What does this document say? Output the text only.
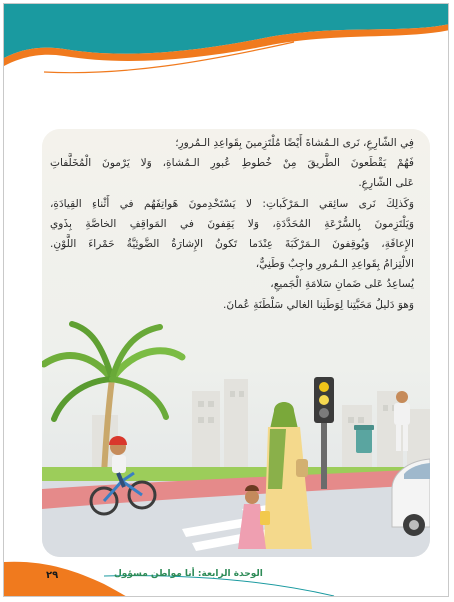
فِي الشّارِعِ، نَرى الـمُشاةَ أَيْضًا مُلْتَزِمينَ بِقَواعِدِ الـمُرورِ؛
فَهُمْ يَقْطَعونَ الطَّريقَ مِنْ خُطوطِ عُبورِ الـمُشاةِ، وَلا يَرْمونَ الْمُخَلَّفاتِ
عَلى الشّارِعِ.
وَكَذلِكَ نَرى سائِقي الـمَرْكَباتِ: لا يَسْتَخْدِمونَ هَواتِفَهُم في أَثْناءِ القِيادَةِ،
وَيَلْتَزِمونَ بِالسُّرْعَةِ المُحَدَّدَةِ، وَلا يَقِفونَ في المَواقِفِ الخاصَّةِ بِذَوي
الإِعاقَةِ، وَيُوقِفونَ الـمَرْكَبَةَ عِنْدَما تَكونُ الإِشارَةُ الضَّوئِيَّةُ حَمْراءَ اللَّوْنِ.
الالْتِزامُ بِقَواعِدِ الـمُرورِ واجِبٌ وَطَنِيٌّ،
يُساعِدُ عَلى ضَمانِ سَلامَةِ الْجَميعِ،
وَهوَ دَليلُ مَحَبَّتِنا لِوَطَنِنا الغالي سَلْطَنَةِ عُمانَ.
٢٩	الوحدة الرابعة: أنا مواطن مسؤول
